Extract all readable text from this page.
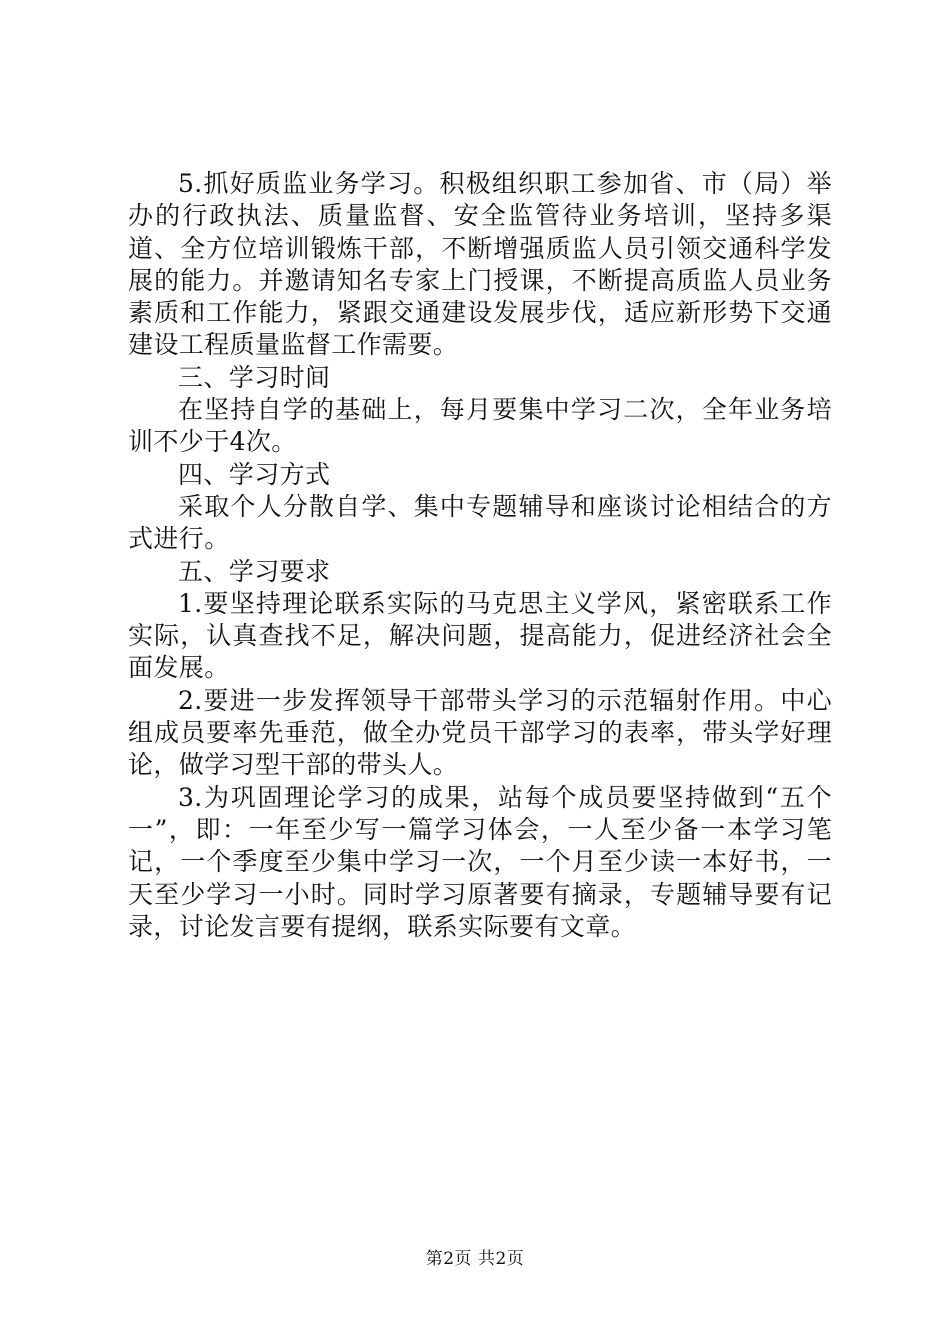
5.抓好质监业务学习。积极组织职工参加省、市（局）举办的行政执法、质量监督、安全监管待业务培训，坚持多渠道、全方位培训锻炼干部，不断增强质监人员引领交通科学发展的能力。并邀请知名专家上门授课，不断提高质监人员业务素质和工作能力，紧跟交通建设发展步伐，适应新形势下交通建设工程质量监督工作需要。

三、学习时间

在坚持自学的基础上，每月要集中学习二次，全年业务培训不少于4次。

四、学习方式

采取个人分散自学、集中专题辅导和座谈讨论相结合的方式进行。

五、学习要求

1.要坚持理论联系实际的马克思主义学风，紧密联系工作实际，认真查找不足，解决问题，提高能力，促进经济社会全面发展。

2.要进一步发挥领导干部带头学习的示范辐射作用。中心组成员要率先垂范，做全办党员干部学习的表率，带头学好理论，做学习型干部的带头人。

3.为巩固理论学习的成果，站每个成员要坚持做到“五个一”，即：一年至少写一篇学习体会，一人至少备一本学习笔记，一个季度至少集中学习一次，一个月至少读一本好书，一天至少学习一小时。同时学习原著要有摘录，专题辅导要有记录，讨论发言要有提纲，联系实际要有文章。

第2页 共2页
